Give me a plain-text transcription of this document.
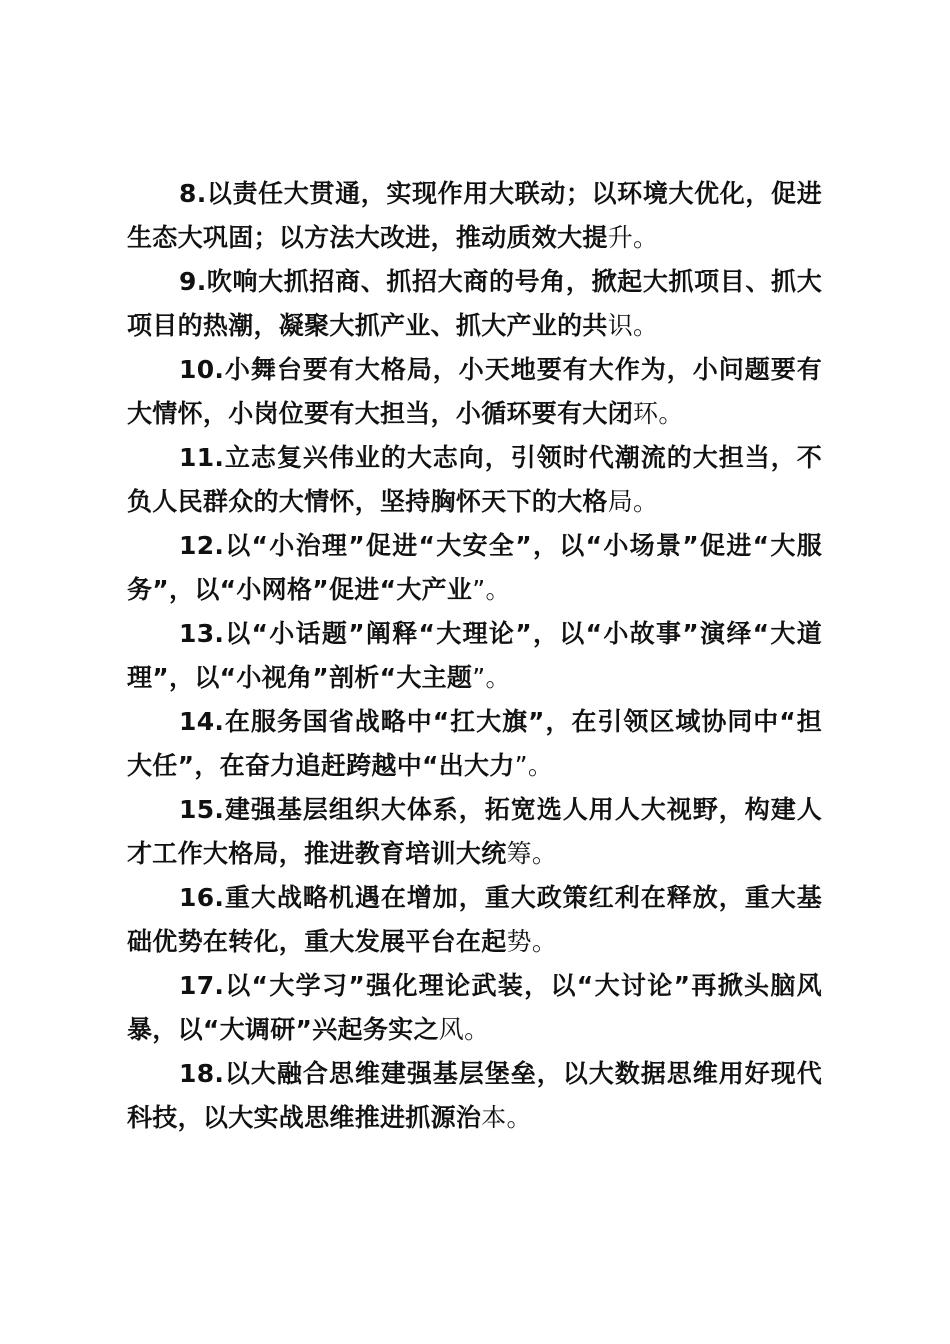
8.以责任大贯通，实现作用大联动；以环境大优化，促进生态大巩固；以方法大改进，推动质效大提升。

9.吹响大抓招商、抓招大商的号角，掀起大抓项目、抓大项目的热潮，凝聚大抓产业、抓大产业的共识。

10.小舞台要有大格局，小天地要有大作为，小问题要有大情怀，小岗位要有大担当，小循环要有大闭环。

11.立志复兴伟业的大志向，引领时代潮流的大担当，不负人民群众的大情怀，坚持胸怀天下的大格局。

12.以“小治理”促进“大安全”，以“小场景”促进“大服务”，以“小网格”促进“大产业”。

13.以“小话题”阐释“大理论”，以“小故事”演绎“大道理”，以“小视角”剖析“大主题”。

14.在服务国省战略中“扛大旗”，在引领区域协同中“担大任”，在奋力追赶跨越中“出大力”。

15.建强基层组织大体系，拓宽选人用人大视野，构建人才工作大格局，推进教育培训大统筹。

16.重大战略机遇在增加，重大政策红利在释放，重大基础优势在转化，重大发展平台在起势。

17.以“大学习”强化理论武装，以“大讨论”再掀头脑风暴，以“大调研”兴起务实之风。

18.以大融合思维建强基层堡垒，以大数据思维用好现代科技，以大实战思维推进抓源治本。
